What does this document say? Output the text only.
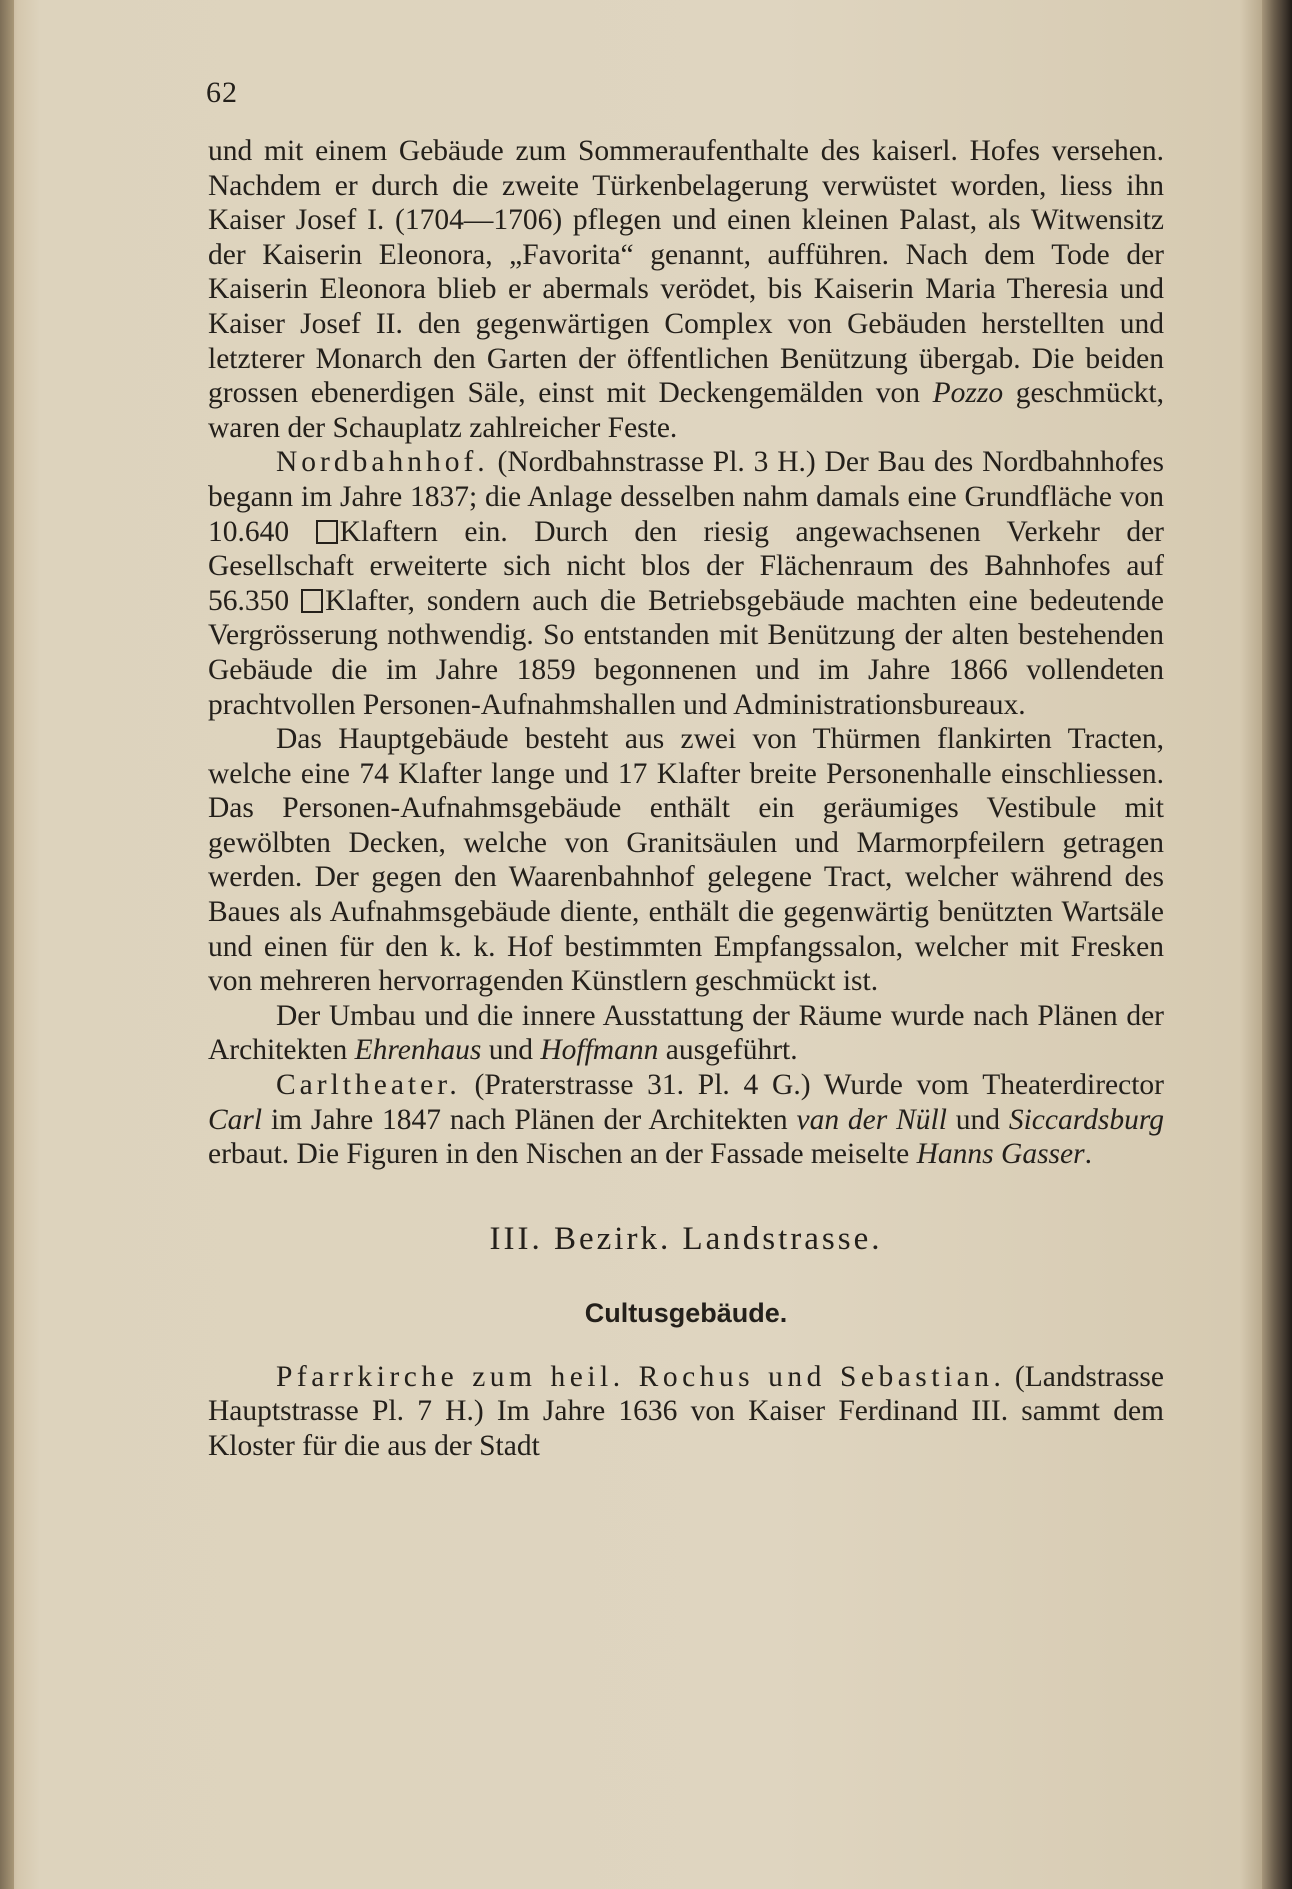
62

und mit einem Gebäude zum Sommeraufenthalte des kaiserl. Hofes versehen. Nachdem er durch die zweite Türkenbelagerung verwüstet worden, liess ihn Kaiser Josef I. (1704—1706) pflegen und einen kleinen Palast, als Witwensitz der Kaiserin Eleonora, „Favorita“ genannt, aufführen. Nach dem Tode der Kaiserin Eleonora blieb er abermals verödet, bis Kaiserin Maria Theresia und Kaiser Josef II. den gegenwärtigen Complex von Gebäuden herstellten und letzterer Monarch den Garten der öffentlichen Benützung übergab. Die beiden grossen ebenerdigen Säle, einst mit Deckengemälden von Pozzo geschmückt, waren der Schauplatz zahlreicher Feste.

Nordbahnhof. (Nordbahnstrasse Pl. 3 H.) Der Bau des Nordbahnhofes begann im Jahre 1837; die Anlage desselben nahm damals eine Grundfläche von 10.640 Klaftern ein. Durch den riesig angewachsenen Verkehr der Gesellschaft erweiterte sich nicht blos der Flächenraum des Bahnhofes auf 56.350 Klafter, sondern auch die Betriebsgebäude machten eine bedeutende Vergrösserung nothwendig. So entstanden mit Benützung der alten bestehenden Gebäude die im Jahre 1859 begonnenen und im Jahre 1866 vollendeten prachtvollen Personen-Aufnahmshallen und Administrationsbureaux.

Das Hauptgebäude besteht aus zwei von Thürmen flankirten Tracten, welche eine 74 Klafter lange und 17 Klafter breite Personenhalle einschliessen. Das Personen-Aufnahmsgebäude enthält ein geräumiges Vestibule mit gewölbten Decken, welche von Granitsäulen und Marmorpfeilern getragen werden. Der gegen den Waarenbahnhof gelegene Tract, welcher während des Baues als Aufnahmsgebäude diente, enthält die gegenwärtig benützten Wartsäle und einen für den k. k. Hof bestimmten Empfangssalon, welcher mit Fresken von mehreren hervorragenden Künstlern geschmückt ist.

Der Umbau und die innere Ausstattung der Räume wurde nach Plänen der Architekten Ehrenhaus und Hoffmann ausgeführt.

Carltheater. (Praterstrasse 31. Pl. 4 G.) Wurde vom Theaterdirector Carl im Jahre 1847 nach Plänen der Architekten van der Nüll und Siccardsburg erbaut. Die Figuren in den Nischen an der Fassade meiselte Hanns Gasser.

III. Bezirk. Landstrasse.
Cultusgebäude.

Pfarrkirche zum heil. Rochus und Sebastian. (Landstrasse Hauptstrasse Pl. 7 H.) Im Jahre 1636 von Kaiser Ferdinand III. sammt dem Kloster für die aus der Stadt
